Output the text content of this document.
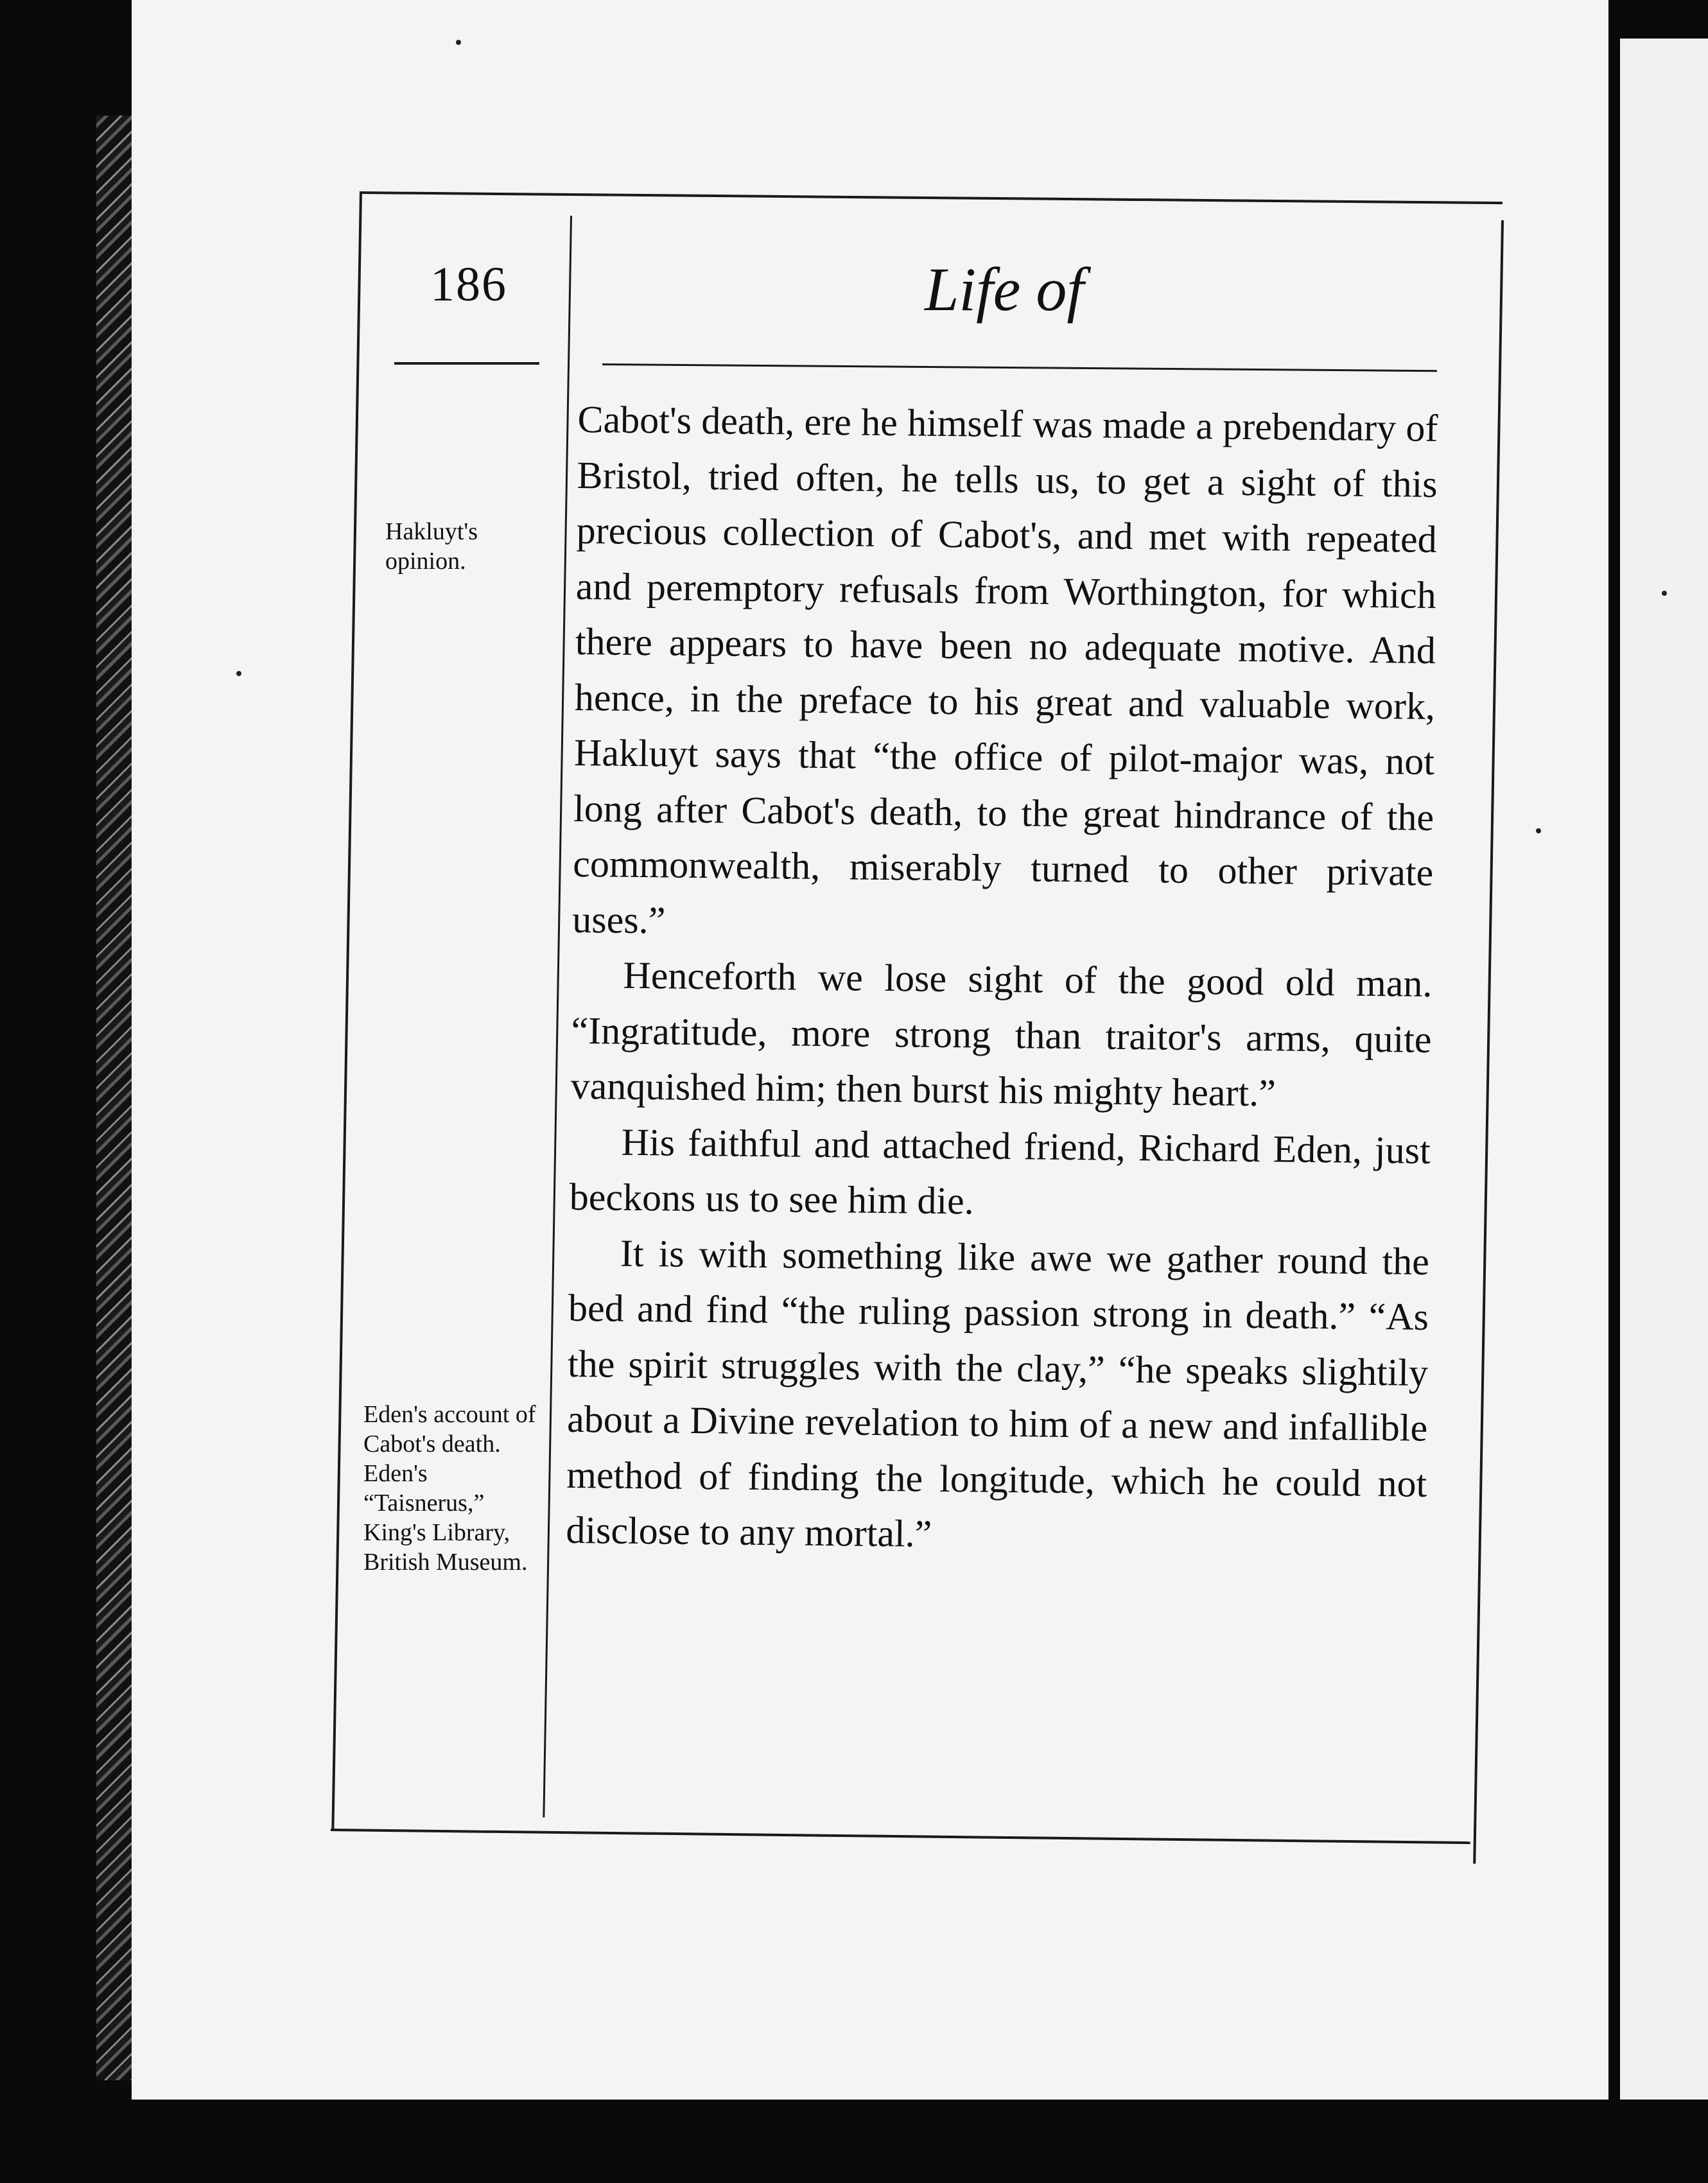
186	Life of
Hakluyt's opinion.
Eden's account of Cabot's death. Eden's “Taisnerus,” King's Library, British Museum.

Cabot's death, ere he himself was made a prebendary of Bristol, tried often, he tells us, to get a sight of this precious collection of Cabot's, and met with repeated and peremptory refusals from Worthington, for which there appears to have been no adequate motive. And hence, in the preface to his great and valuable work, Hakluyt says that “the office of pilot-major was, not long after Cabot's death, to the great hindrance of the commonwealth, miserably turned to other private uses.”

Henceforth we lose sight of the good old man. “Ingratitude, more strong than traitor's arms, quite vanquished him; then burst his mighty heart.”

His faithful and attached friend, Richard Eden, just beckons us to see him die.

It is with something like awe we gather round the bed and find “the ruling passion strong in death.” “As the spirit struggles with the clay,” “he speaks slightily about a Divine revelation to him of a new and infallible method of finding the longitude, which he could not disclose to any mortal.”
